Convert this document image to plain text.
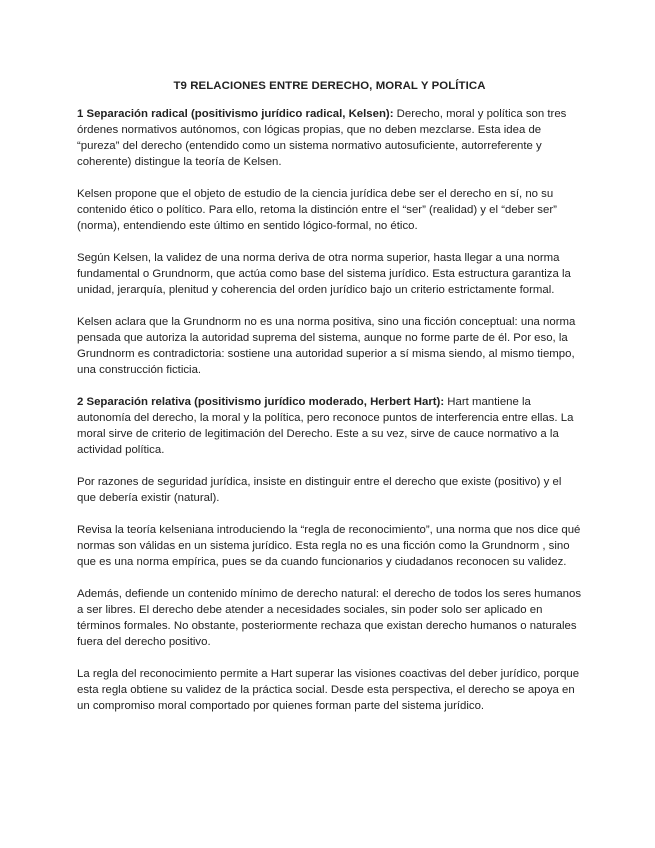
T9 RELACIONES ENTRE DERECHO, MORAL Y POLÍTICA

1 Separación radical (positivismo jurídico radical, Kelsen): Derecho, moral y política son tres órdenes normativos autónomos, con lógicas propias, que no deben mezclarse. Esta idea de “pureza” del derecho (entendido como un sistema normativo autosuficiente, autorreferente y coherente) distingue la teoría de Kelsen.

Kelsen propone que el objeto de estudio de la ciencia jurídica debe ser el derecho en sí, no su contenido ético o político. Para ello, retoma la distinción entre el “ser” (realidad) y el “deber ser” (norma), entendiendo este último en sentido lógico-formal, no ético.

Según Kelsen, la validez de una norma deriva de otra norma superior, hasta llegar a una norma fundamental o Grundnorm, que actúa como base del sistema jurídico. Esta estructura garantiza la unidad, jerarquía, plenitud y coherencia del orden jurídico bajo un criterio estrictamente formal.

Kelsen aclara que la Grundnorm no es una norma positiva, sino una ficción conceptual: una norma pensada que autoriza la autoridad suprema del sistema, aunque no forme parte de él. Por eso, la Grundnorm es contradictoria: sostiene una autoridad superior a sí misma siendo, al mismo tiempo, una construcción ficticia.

2 Separación relativa (positivismo jurídico moderado, Herbert Hart): Hart mantiene la autonomía del derecho, la moral y la política, pero reconoce puntos de interferencia entre ellas. La moral sirve de criterio de legitimación del Derecho. Este a su vez, sirve de cauce normativo a la actividad política.

Por razones de seguridad jurídica, insiste en distinguir entre el derecho que existe (positivo) y el que debería existir (natural).

Revisa la teoría kelseniana introduciendo la “regla de reconocimiento”, una norma que nos dice qué normas son válidas en un sistema jurídico. Esta regla no es una ficción como la Grundnorm , sino que es una norma empírica, pues se da cuando funcionarios y ciudadanos reconocen su validez.

Además, defiende un contenido mínimo de derecho natural: el derecho de todos los seres humanos a ser libres. El derecho debe atender a necesidades sociales, sin poder solo ser aplicado en términos formales. No obstante, posteriormente rechaza que existan derecho humanos o naturales fuera del derecho positivo.

La regla del reconocimiento permite a Hart superar las visiones coactivas del deber jurídico, porque esta regla obtiene su validez de la práctica social. Desde esta perspectiva, el derecho se apoya en un compromiso moral comportado por quienes forman parte del sistema jurídico.
